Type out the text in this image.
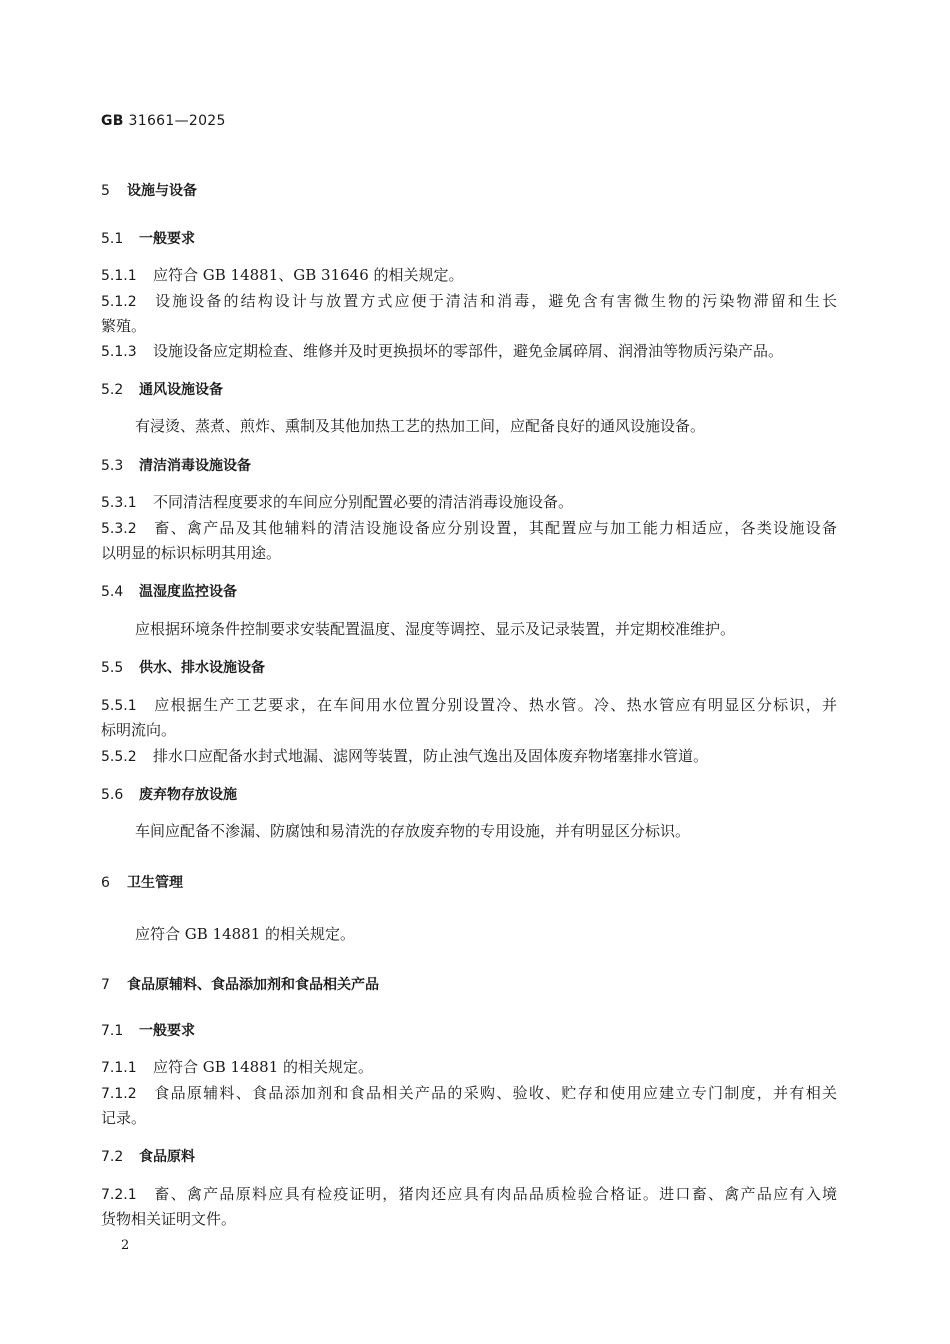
GB 31661—2025
5 设施与设备
5.1 一般要求
5.1.1 应符合 GB 14881、GB 31646 的相关规定。
5.1.2 设施设备的结构设计与放置方式应便于清洁和消毒，避免含有害微生物的污染物滞留和生长
繁殖。
5.1.3 设施设备应定期检查、维修并及时更换损坏的零部件，避免金属碎屑、润滑油等物质污染产品。
5.2 通风设施设备
有浸烫、蒸煮、煎炸、熏制及其他加热工艺的热加工间，应配备良好的通风设施设备。
5.3 清洁消毒设施设备
5.3.1 不同清洁程度要求的车间应分别配置必要的清洁消毒设施设备。
5.3.2 畜、禽产品及其他辅料的清洁设施设备应分别设置，其配置应与加工能力相适应，各类设施设备
以明显的标识标明其用途。
5.4 温湿度监控设备
应根据环境条件控制要求安装配置温度、湿度等调控、显示及记录装置，并定期校准维护。
5.5 供水、排水设施设备
5.5.1 应根据生产工艺要求，在车间用水位置分别设置冷、热水管。冷、热水管应有明显区分标识，并
标明流向。
5.5.2 排水口应配备水封式地漏、滤网等装置，防止浊气逸出及固体废弃物堵塞排水管道。
5.6 废弃物存放设施
车间应配备不渗漏、防腐蚀和易清洗的存放废弃物的专用设施，并有明显区分标识。
6 卫生管理
应符合 GB 14881 的相关规定。
7 食品原辅料、食品添加剂和食品相关产品
7.1 一般要求
7.1.1 应符合 GB 14881 的相关规定。
7.1.2 食品原辅料、食品添加剂和食品相关产品的采购、验收、贮存和使用应建立专门制度，并有相关
记录。
7.2 食品原料
7.2.1 畜、禽产品原料应具有检疫证明，猪肉还应具有肉品品质检验合格证。进口畜、禽产品应有入境
货物相关证明文件。
2
